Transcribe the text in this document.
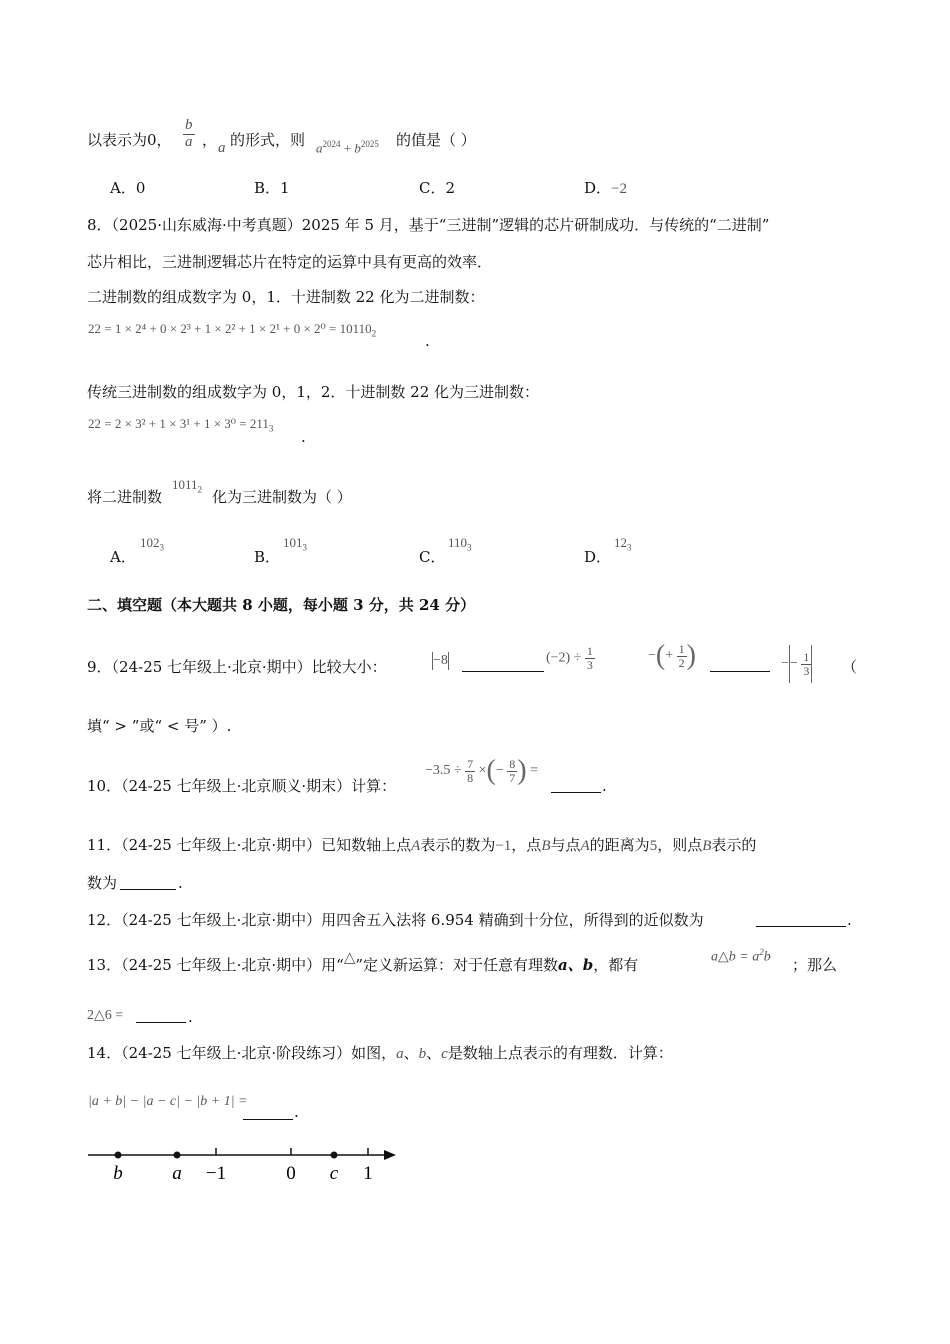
以表示为0， $\frac{b}{a}$ ， a 的形式，则 $a^{2024} + b^{2025}$ 的值是（ ）
A．0	B．1	C．2	D．−2
8．（2025·山东威海·中考真题）2025 年 5 月，基于“三进制”逻辑的芯片研制成功．与传统的“二进制”
芯片相比，三进制逻辑芯片在特定的运算中具有更高的效率．
二进制数的组成数字为 0，1．十进制数 22 化为二进制数：
$22 = 1 \times 2^4 + 0 \times 2^3 + 1 \times 2^2 + 1 \times 2^1 + 0 \times 2^0 = 10110_2$	.
传统三进制数的组成数字为 0，1，2．十进制数 22 化为三进制数：
$22 = 2 \times 3^2 + 1 \times 3^1 + 1 \times 3^0 = 211_3$ .
将二进制数
$1011_2$ 化为三进制数为（ ）
A．
$102_3$
B．
$101_3$
C．
$110_3$
D．
$12_3$
二、填空题（本大题共 8 小题，每小题 3 分，共 24 分）
9．（24-25 七年级上·北京·期中）比较大小：	−8	$(-2) \div \frac{1}{3}$	−(+ $\frac{1}{2}$ )	−− $\frac{1}{3}$ （
填“ > ”或“ < 号” ）.
10．（24-25 七年级上·北京顺义·期末）计算：
$-3.5 \div \frac{7}{8}$ ×(− $\frac{8}{7}$ ) =
.
11．（24-25 七年级上·北京·期中）已知数轴上点A表示的数为−1，点B与点A的距离为5，则点B表示的
数为	.
12．（24-25 七年级上·北京·期中）用四舍五入法将 6.954 精确到十分位，所得到的近似数为	.
13．（24-25 七年级上·北京·期中）用“△”定义新运算：对于任意有理数a、b，都有	a△b = $a^2b$ ；那么
2△6 =	.
14．（24-25 七年级上·北京·阶段练习）如图，a、b、c是数轴上点表示的有理数．计算：
|a + b| − |a − c| − |b + 1| =
.
b	a −1	0 c 1
